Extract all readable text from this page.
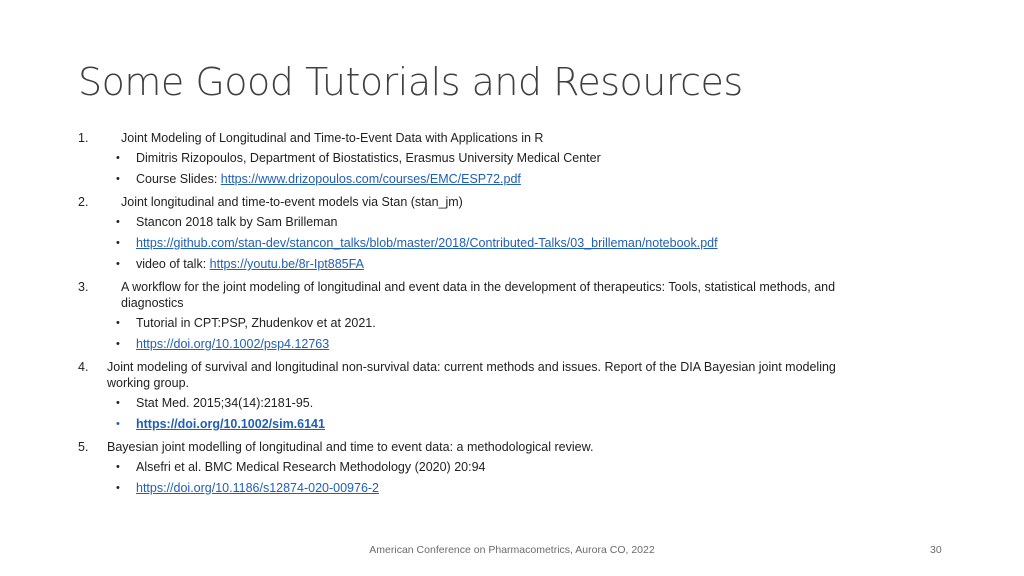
Some Good Tutorials and Resources
1.	Joint Modeling of Longitudinal and Time-to-Event Data with Applications in R
•	Dimitris Rizopoulos, Department of Biostatistics, Erasmus University Medical Center
•	Course Slides: https://www.drizopoulos.com/courses/EMC/ESP72.pdf
2.	Joint longitudinal and time-to-event models via Stan (stan_jm)
•	Stancon 2018 talk by Sam Brilleman
•	https://github.com/stan-dev/stancon_talks/blob/master/2018/Contributed-Talks/03_brilleman/notebook.pdf
•	video of talk: https://youtu.be/8r-Ipt885FA
3.	A workflow for the joint modeling of longitudinal and event data in the development of therapeutics: Tools, statistical methods, and diagnostics
•	Tutorial in CPT:PSP, Zhudenkov et at 2021.
•	https://doi.org/10.1002/psp4.12763
4.	Joint modeling of survival and longitudinal non-survival data: current methods and issues. Report of the DIA Bayesian joint modeling working group.
•	Stat Med. 2015;34(14):2181-95.
•	https://doi.org/10.1002/sim.6141
5.	Bayesian joint modelling of longitudinal and time to event data: a methodological review.
•	Alsefri et al. BMC Medical Research Methodology (2020) 20:94
•	https://doi.org/10.1186/s12874-020-00976-2
American Conference on Pharmacometrics, Aurora CO, 2022	30
